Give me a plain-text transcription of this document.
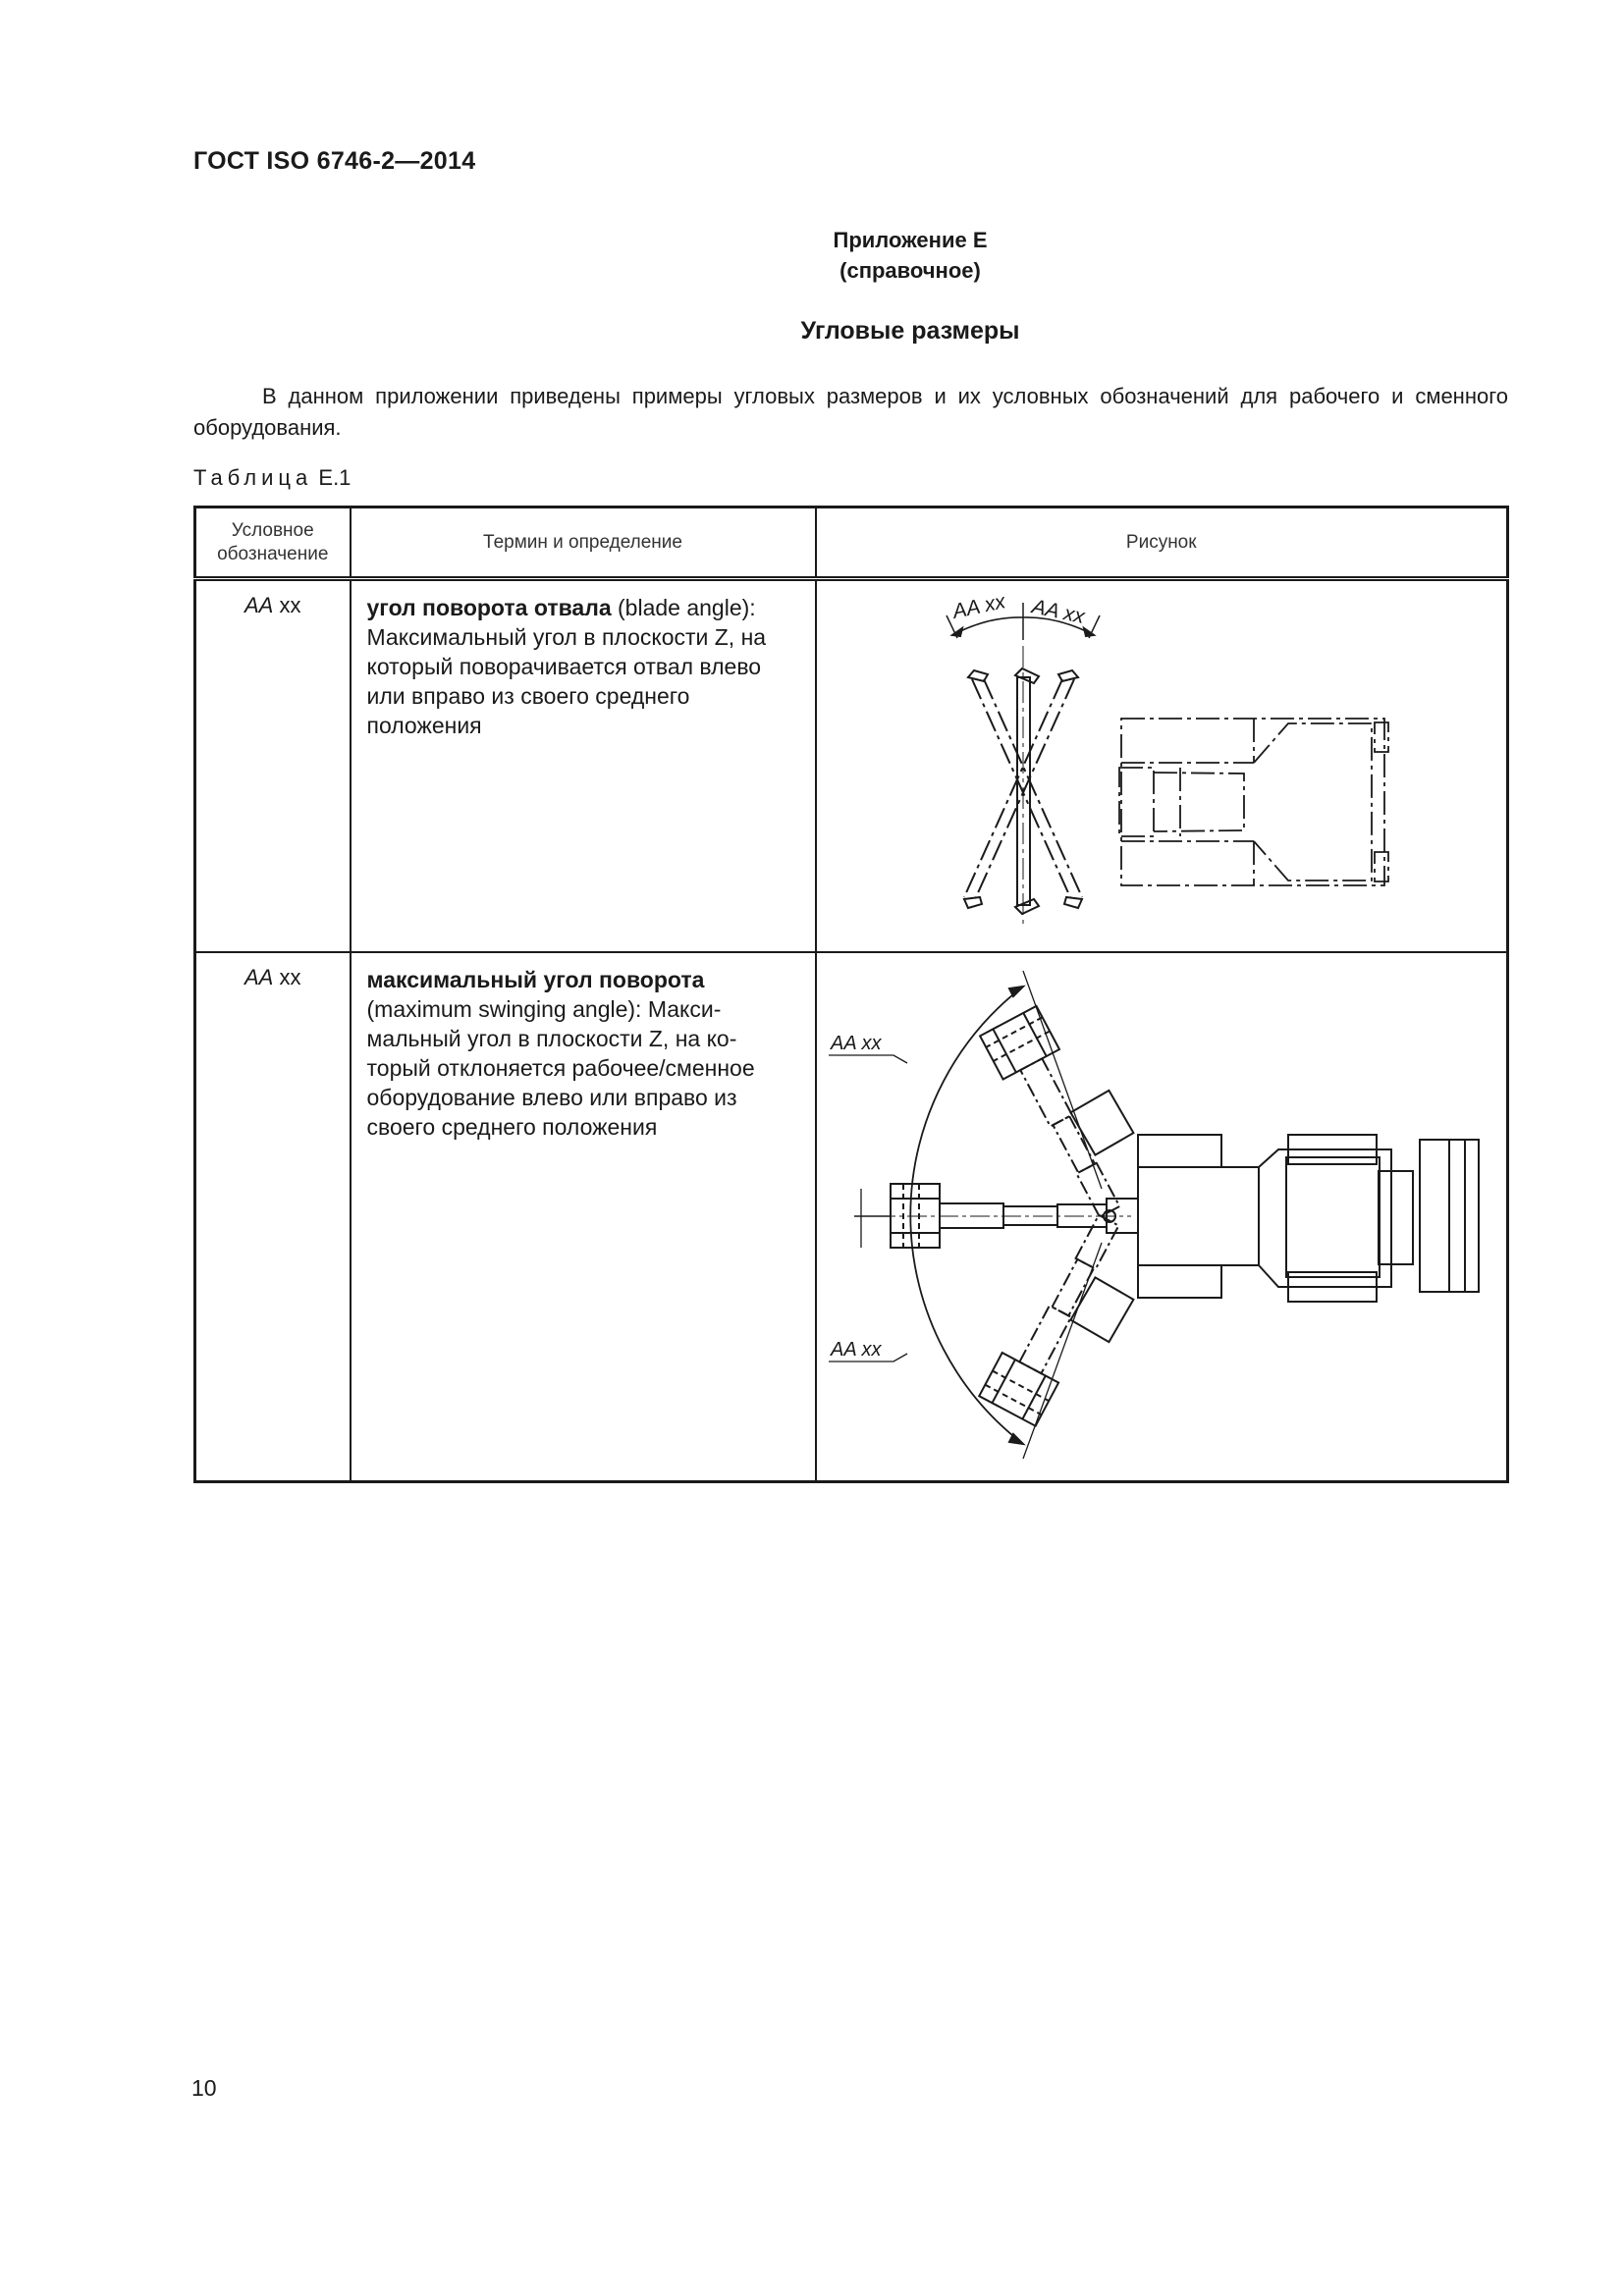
ГОСТ ISO 6746-2—2014
Приложение Е
(справочное)
Угловые размеры
В данном приложении приведены примеры угловых размеров и их условных обозначений для рабочего и сменного оборудования.
Таблица Е.1
Условное обозначение	Термин и определение	Рисунок
AA xx	угол поворота отвала (blade angle): Максимальный угол в плоскости Z, на который поворачивается отвал влево или вправо из своего среднего положения	AA xx AA xx

AA xx	максимальный угол поворота (maximum swinging angle): Макси-мальный угол в плоскости Z, на ко-торый отклоняется рабочее/сменное оборудование влево или вправо из своего среднего положения	AA xx
AA xx
10
